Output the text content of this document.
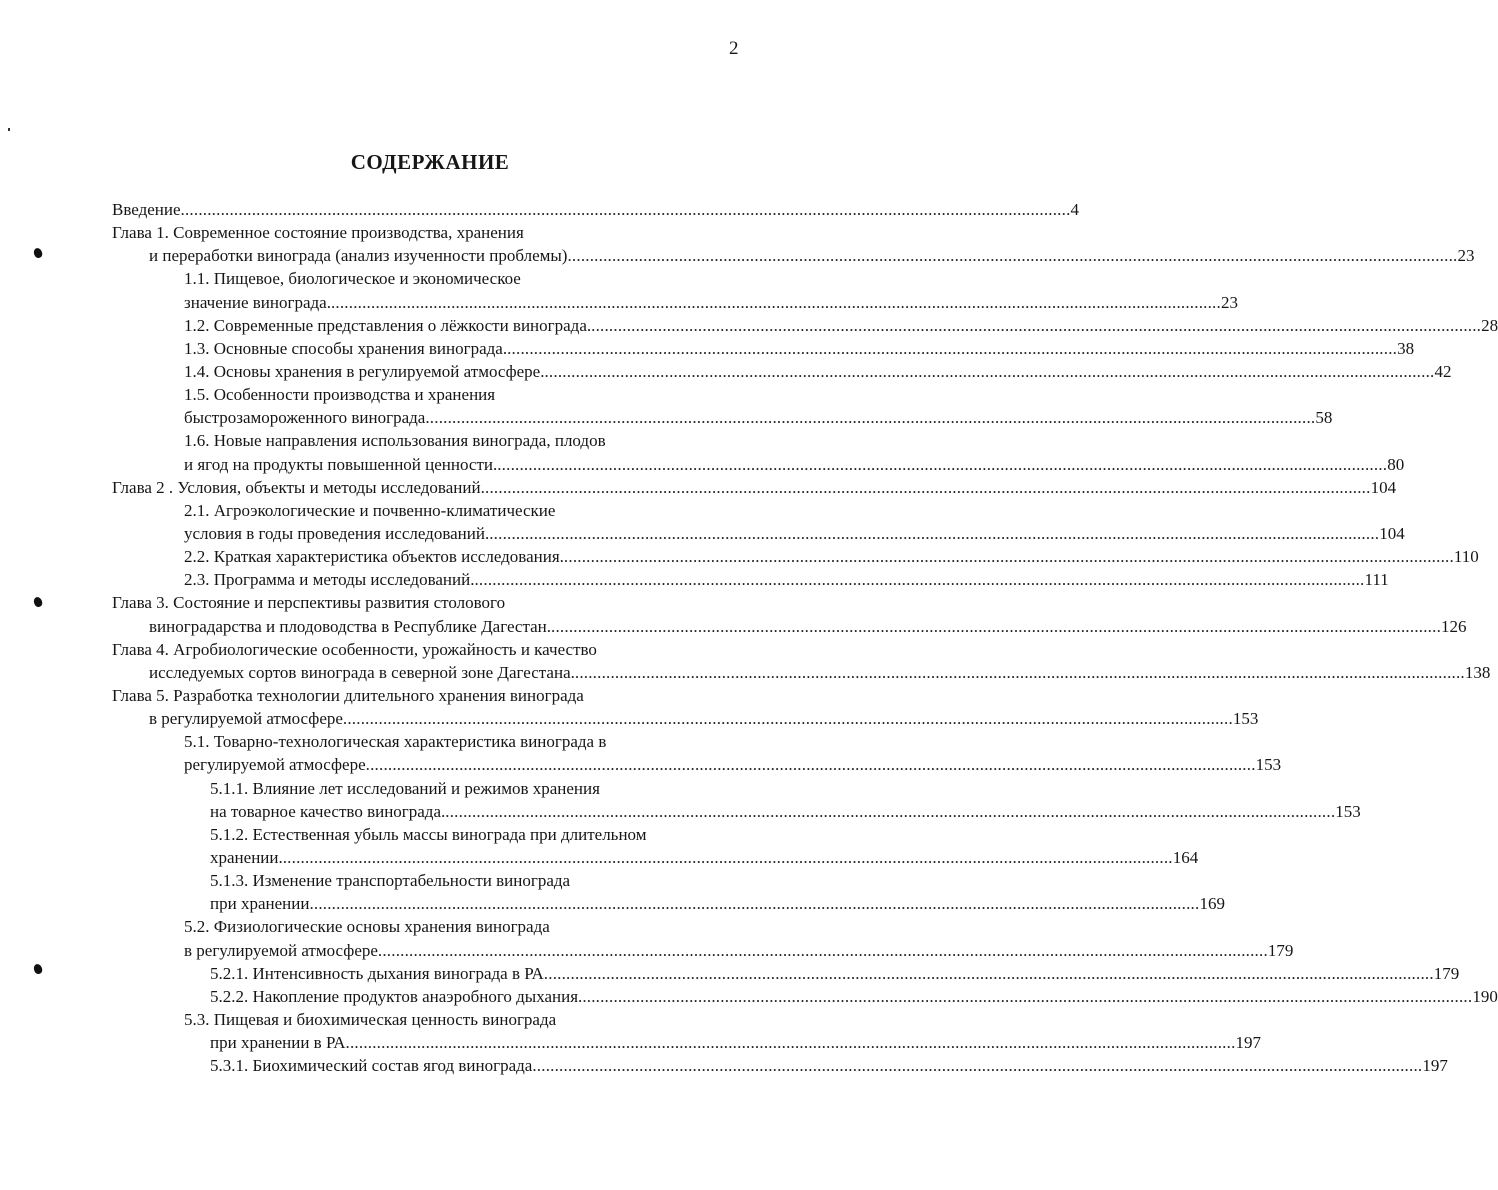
2
СОДЕРЖАНИЕ
Введение ........................................................................................................................................................................................................ 4
Глава 1. Современное состояние производства, хранения
и переработки винограда (анализ изученности проблемы) ........................................................................................................................................................................................................ 23
1.1. Пищевое, биологическое и экономическое
значение винограда. ........................................................................................................................................................................................................ 23
1.2. Современные представления о лёжкости винограда. ........................................................................................................................................................................................................ 28
1.3. Основные способы хранения винограда. ........................................................................................................................................................................................................ 38
1.4. Основы хранения в регулируемой атмосфере. ........................................................................................................................................................................................................ 42
1.5. Особенности производства и хранения
быстрозамороженного винограда ........................................................................................................................................................................................................ 58
1.6. Новые направления использования винограда, плодов
и ягод на продукты повышенной ценности. ........................................................................................................................................................................................................ 80
Глава 2 . Условия, объекты и методы исследований ........................................................................................................................................................................................................ 104
2.1. Агроэкологические и почвенно-климатические
условия в годы проведения исследований. ........................................................................................................................................................................................................ 104
2.2. Краткая характеристика объектов исследования. ........................................................................................................................................................................................................ 110
2.3. Программа и методы исследований. ........................................................................................................................................................................................................ 111
Глава 3. Состояние и перспективы развития столового
виноградарства и плодоводства в Республике Дагестан. ........................................................................................................................................................................................................ 126
Глава 4. Агробиологические особенности, урожайность и качество
исследуемых сортов винограда в северной зоне Дагестана. ........................................................................................................................................................................................................ 138
Глава 5. Разработка технологии длительного хранения винограда
в регулируемой атмосфере ........................................................................................................................................................................................................ 153
5.1. Товарно-технологическая характеристика винограда в
регулируемой атмосфере ........................................................................................................................................................................................................ 153
5.1.1. Влияние лет исследований и режимов хранения
на товарное качество винограда. ........................................................................................................................................................................................................ 153
5.1.2. Естественная убыль массы винограда при длительном
хранении. ........................................................................................................................................................................................................ 164
5.1.3. Изменение транспортабельности винограда
при хранении ........................................................................................................................................................................................................ 169
5.2. Физиологические основы хранения винограда
в регулируемой атмосфере ........................................................................................................................................................................................................ 179
5.2.1. Интенсивность дыхания винограда в РА ........................................................................................................................................................................................................ 179
5.2.2. Накопление продуктов анаэробного дыхания. ........................................................................................................................................................................................................ 190
5.3. Пищевая и биохимическая ценность винограда
при хранении в РА ........................................................................................................................................................................................................ 197
5.3.1. Биохимический состав ягод винограда ........................................................................................................................................................................................................ 197
